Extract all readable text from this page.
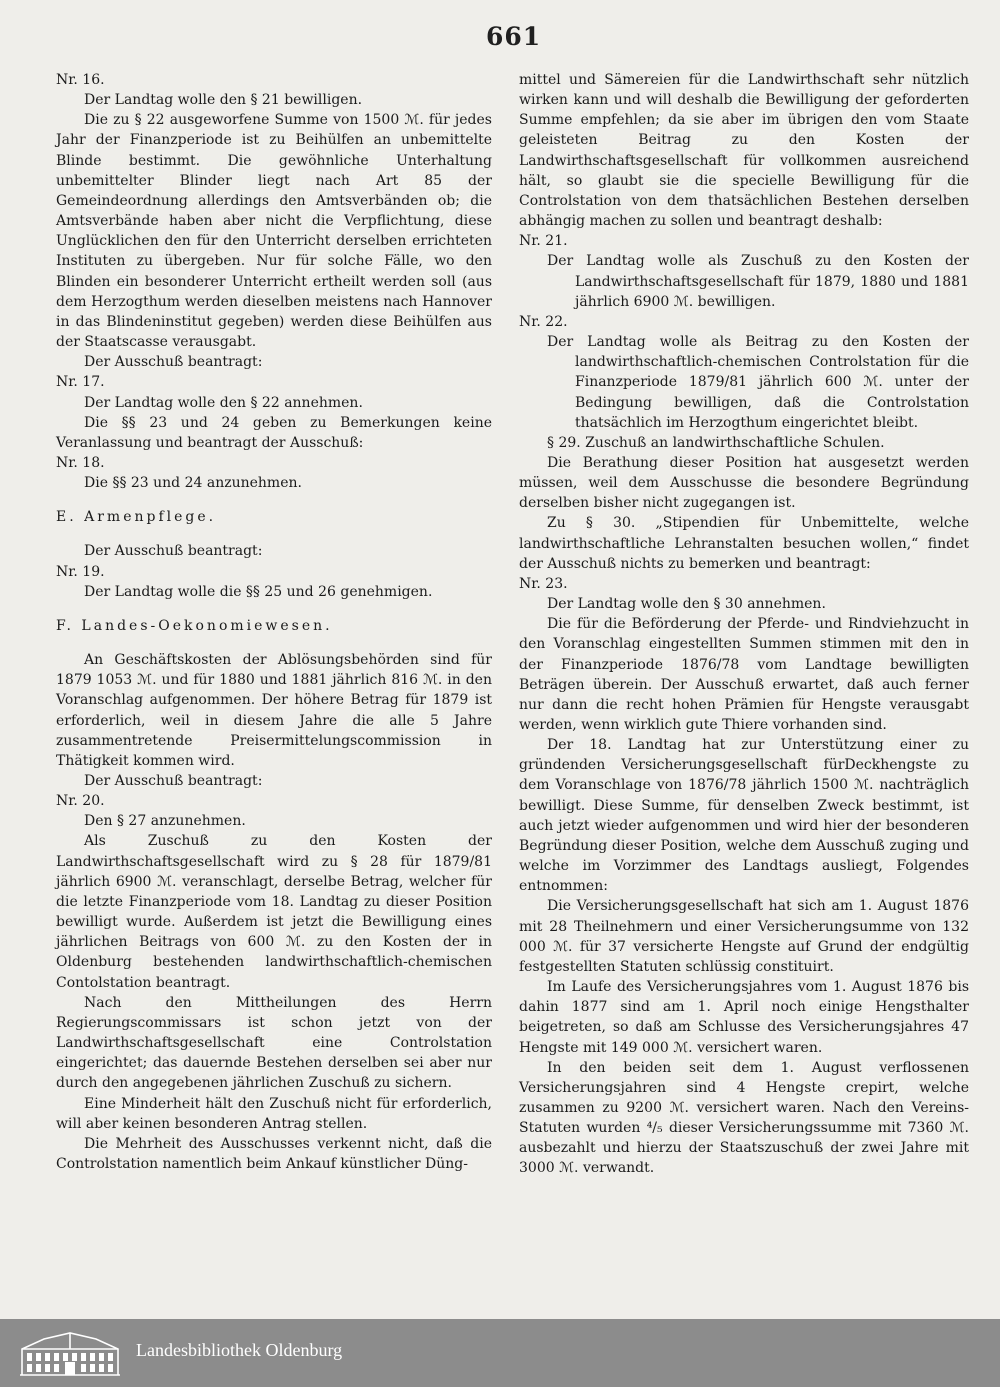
661

Nr. 16.

Der Landtag wolle den § 21 bewilligen.

Die zu § 22 ausgeworfene Summe von 1500 ℳ. für jedes Jahr der Finanzperiode ist zu Beihülfen an unbemittelte Blinde bestimmt. Die gewöhnliche Unterhaltung unbemittelter Blinder liegt nach Art 85 der Gemeindeordnung allerdings den Amtsverbänden ob; die Amtsverbände haben aber nicht die Verpflichtung, diese Unglücklichen den für den Unterricht derselben errichteten Instituten zu übergeben. Nur für solche Fälle, wo den Blinden ein besonderer Unterricht ertheilt werden soll (aus dem Herzogthum werden dieselben meistens nach Hannover in das Blindeninstitut gegeben) werden diese Beihülfen aus der Staatscasse verausgabt.

Der Ausschuß beantragt:

Nr. 17.

Der Landtag wolle den § 22 annehmen.

Die §§ 23 und 24 geben zu Bemerkungen keine Veranlassung und beantragt der Ausschuß:

Nr. 18.

Die §§ 23 und 24 anzunehmen.

E. Armenpflege.

Der Ausschuß beantragt:

Nr. 19.

Der Landtag wolle die §§ 25 und 26 genehmigen.

F. Landes-Oekonomiewesen.

An Geschäftskosten der Ablösungsbehörden sind für 1879 1053 ℳ. und für 1880 und 1881 jährlich 816 ℳ. in den Voranschlag aufgenommen. Der höhere Betrag für 1879 ist erforderlich, weil in diesem Jahre die alle 5 Jahre zusammentretende Preisermittelungscommission in Thätigkeit kommen wird.

Der Ausschuß beantragt:

Nr. 20.

Den § 27 anzunehmen.

Als Zuschuß zu den Kosten der Landwirthschaftsgesellschaft wird zu § 28 für 1879/81 jährlich 6900 ℳ. veranschlagt, derselbe Betrag, welcher für die letzte Finanzperiode vom 18. Landtag zu dieser Position bewilligt wurde. Außerdem ist jetzt die Bewilligung eines jährlichen Beitrags von 600 ℳ. zu den Kosten der in Oldenburg bestehenden landwirthschaftlich-chemischen Contolstation beantragt.

Nach den Mittheilungen des Herrn Regierungscommissars ist schon jetzt von der Landwirthschaftsgesellschaft eine Controlstation eingerichtet; das dauernde Bestehen derselben sei aber nur durch den angegebenen jährlichen Zuschuß zu sichern.

Eine Minderheit hält den Zuschuß nicht für erforderlich, will aber keinen besonderen Antrag stellen.

Die Mehrheit des Ausschusses verkennt nicht, daß die Controlstation namentlich beim Ankauf künstlicher Düng-

mittel und Sämereien für die Landwirthschaft sehr nützlich wirken kann und will deshalb die Bewilligung der geforderten Summe empfehlen; da sie aber im übrigen den vom Staate geleisteten Beitrag zu den Kosten der Landwirthschaftsgesellschaft für vollkommen ausreichend hält, so glaubt sie die specielle Bewilligung für die Controlstation von dem thatsächlichen Bestehen derselben abhängig machen zu sollen und beantragt deshalb:

Nr. 21.

Der Landtag wolle als Zuschuß zu den Kosten der Landwirthschaftsgesellschaft für 1879, 1880 und 1881 jährlich 6900 ℳ. bewilligen.

Nr. 22.

Der Landtag wolle als Beitrag zu den Kosten der landwirthschaftlich-chemischen Controlstation für die Finanzperiode 1879/81 jährlich 600 ℳ. unter der Bedingung bewilligen, daß die Controlstation thatsächlich im Herzogthum eingerichtet bleibt.

§ 29. Zuschuß an landwirthschaftliche Schulen.

Die Berathung dieser Position hat ausgesetzt werden müssen, weil dem Ausschusse die besondere Begründung derselben bisher nicht zugegangen ist.

Zu § 30. „Stipendien für Unbemittelte, welche landwirthschaftliche Lehranstalten besuchen wollen,“ findet der Ausschuß nichts zu bemerken und beantragt:

Nr. 23.

Der Landtag wolle den § 30 annehmen.

Die für die Beförderung der Pferde- und Rindviehzucht in den Voranschlag eingestellten Summen stimmen mit den in der Finanzperiode 1876/78 vom Landtage bewilligten Beträgen überein. Der Ausschuß erwartet, daß auch ferner nur dann die recht hohen Prämien für Hengste verausgabt werden, wenn wirklich gute Thiere vorhanden sind.

Der 18. Landtag hat zur Unterstützung einer zu gründenden Versicherungsgesellschaft fürDeckhengste zu dem Voranschlage von 1876/78 jährlich 1500 ℳ. nachträglich bewilligt. Diese Summe, für denselben Zweck bestimmt, ist auch jetzt wieder aufgenommen und wird hier der besonderen Begründung dieser Position, welche dem Ausschuß zuging und welche im Vorzimmer des Landtags ausliegt, Folgendes entnommen:

Die Versicherungsgesellschaft hat sich am 1. August 1876 mit 28 Theilnehmern und einer Versicherungsumme von 132 000 ℳ. für 37 versicherte Hengste auf Grund der endgültig festgestellten Statuten schlüssig constituirt.

Im Laufe des Versicherungsjahres vom 1. August 1876 bis dahin 1877 sind am 1. April noch einige Hengsthalter beigetreten, so daß am Schlusse des Versicherungsjahres 47 Hengste mit 149 000 ℳ. versichert waren.

In den beiden seit dem 1. August verflossenen Versicherungsjahren sind 4 Hengste crepirt, welche zusammen zu 9200 ℳ. versichert waren. Nach den Vereins-Statuten wurden ⁴/₅ dieser Versicherungssumme mit 7360 ℳ. ausbezahlt und hierzu der Staatszuschuß der zwei Jahre mit 3000 ℳ. verwandt.

Landesbibliothek Oldenburg
